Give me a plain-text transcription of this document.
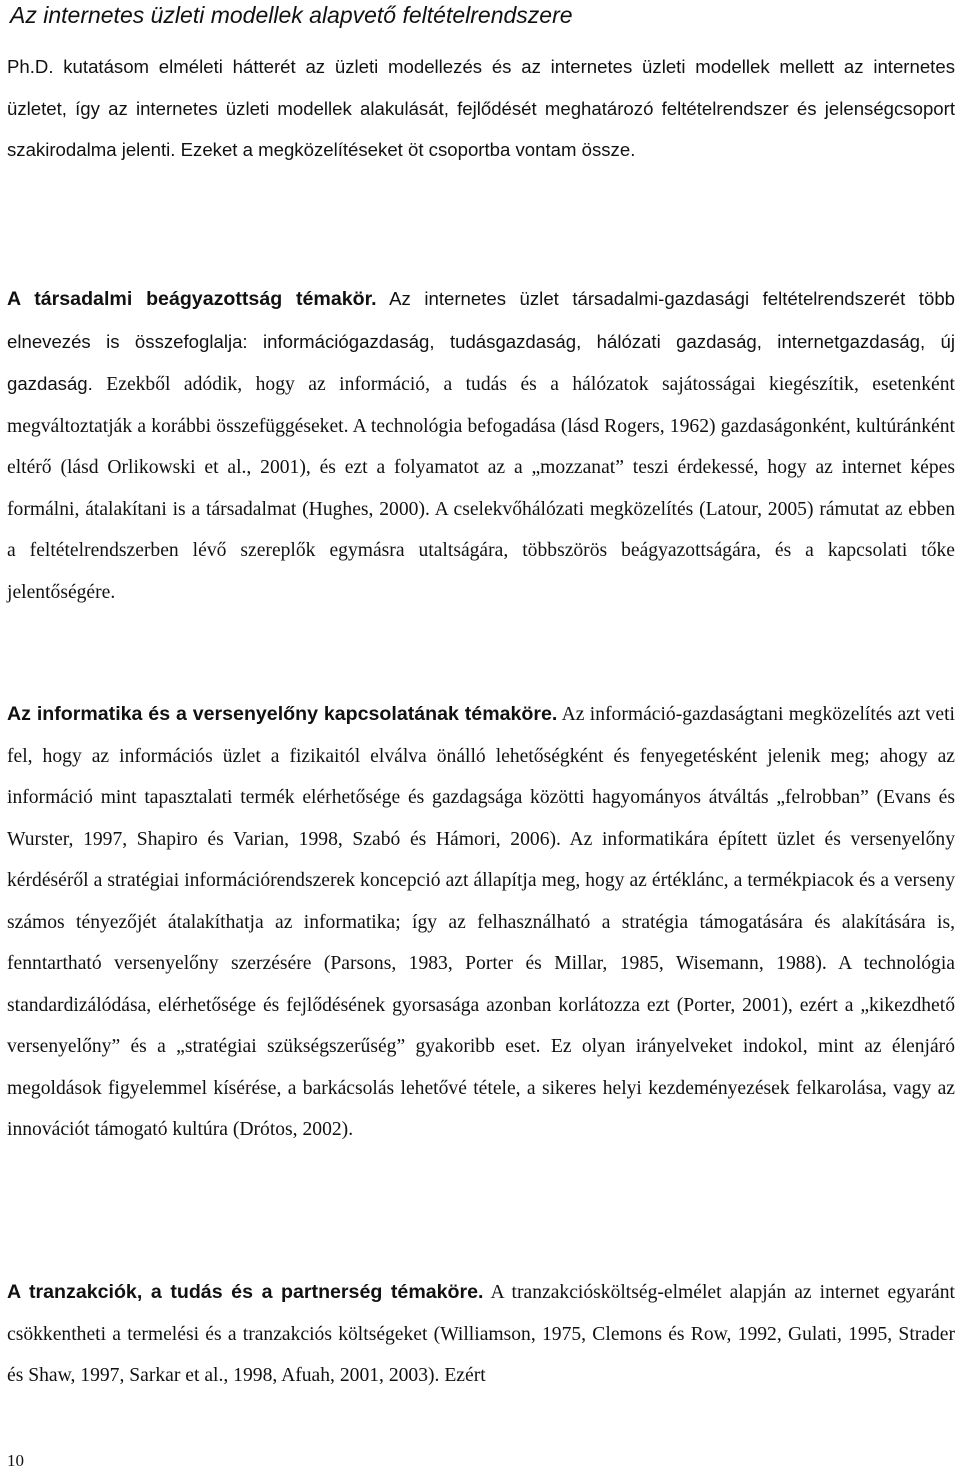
Az internetes üzleti modellek alapvető feltételrendszere

Ph.D. kutatásom elméleti hátterét az üzleti modellezés és az internetes üzleti modellek mellett az internetes üzletet, így az internetes üzleti modellek alakulását, fejlődését meghatározó feltételrendszer és jelenségcsoport szakirodalma jelenti. Ezeket a megközelítéseket öt csoportba vontam össze.

A társadalmi beágyazottság témakör. Az internetes üzlet társadalmi-gazdasági feltételrendszerét több elnevezés is összefoglalja: információgazdaság, tudásgazdaság, hálózati gazdaság, internetgazdaság, új gazdaság. Ezekből adódik, hogy az információ, a tudás és a hálózatok sajátosságai kiegészítik, esetenként megváltoztatják a korábbi összefüggéseket. A technológia befogadása (lásd Rogers, 1962) gazdaságonként, kultúránként eltérő (lásd Orlikowski et al., 2001), és ezt a folyamatot az a „mozzanat” teszi érdekessé, hogy az internet képes formálni, átalakítani is a társadalmat (Hughes, 2000). A cselekvőhálózati megközelítés (Latour, 2005) rámutat az ebben a feltételrendszerben lévő szereplők egymásra utaltságára, többszörös beágyazottságára, és a kapcsolati tőke jelentőségére.

Az informatika és a versenyelőny kapcsolatának témaköre. Az információ-gazdaságtani megközelítés azt veti fel, hogy az információs üzlet a fizikaitól elválva önálló lehetőségként és fenyegetésként jelenik meg; ahogy az információ mint tapasztalati termék elérhetősége és gazdagsága közötti hagyományos átváltás „felrobban” (Evans és Wurster, 1997, Shapiro és Varian, 1998, Szabó és Hámori, 2006). Az informatikára épített üzlet és versenyelőny kérdéséről a stratégiai információrendszerek koncepció azt állapítja meg, hogy az értéklánc, a termékpiacok és a verseny számos tényezőjét átalakíthatja az informatika; így az felhasználható a stratégia támogatására és alakítására is, fenntartható versenyelőny szerzésére (Parsons, 1983, Porter és Millar, 1985, Wisemann, 1988). A technológia standardizálódása, elérhetősége és fejlődésének gyorsasága azonban korlátozza ezt (Porter, 2001), ezért a „kikezdhető versenyelőny” és a „stratégiai szükségszerűség” gyakoribb eset. Ez olyan irányelveket indokol, mint az élenjáró megoldások figyelemmel kísérése, a barkácsolás lehetővé tétele, a sikeres helyi kezdeményezések felkarolása, vagy az innovációt támogató kultúra (Drótos, 2002).

A tranzakciók, a tudás és a partnerség témaköre. A tranzakciósköltség-elmélet alapján az internet egyaránt csökkentheti a termelési és a tranzakciós költségeket (Williamson, 1975, Clemons és Row, 1992, Gulati, 1995, Strader és Shaw, 1997, Sarkar et al., 1998, Afuah, 2001, 2003). Ezért

10
